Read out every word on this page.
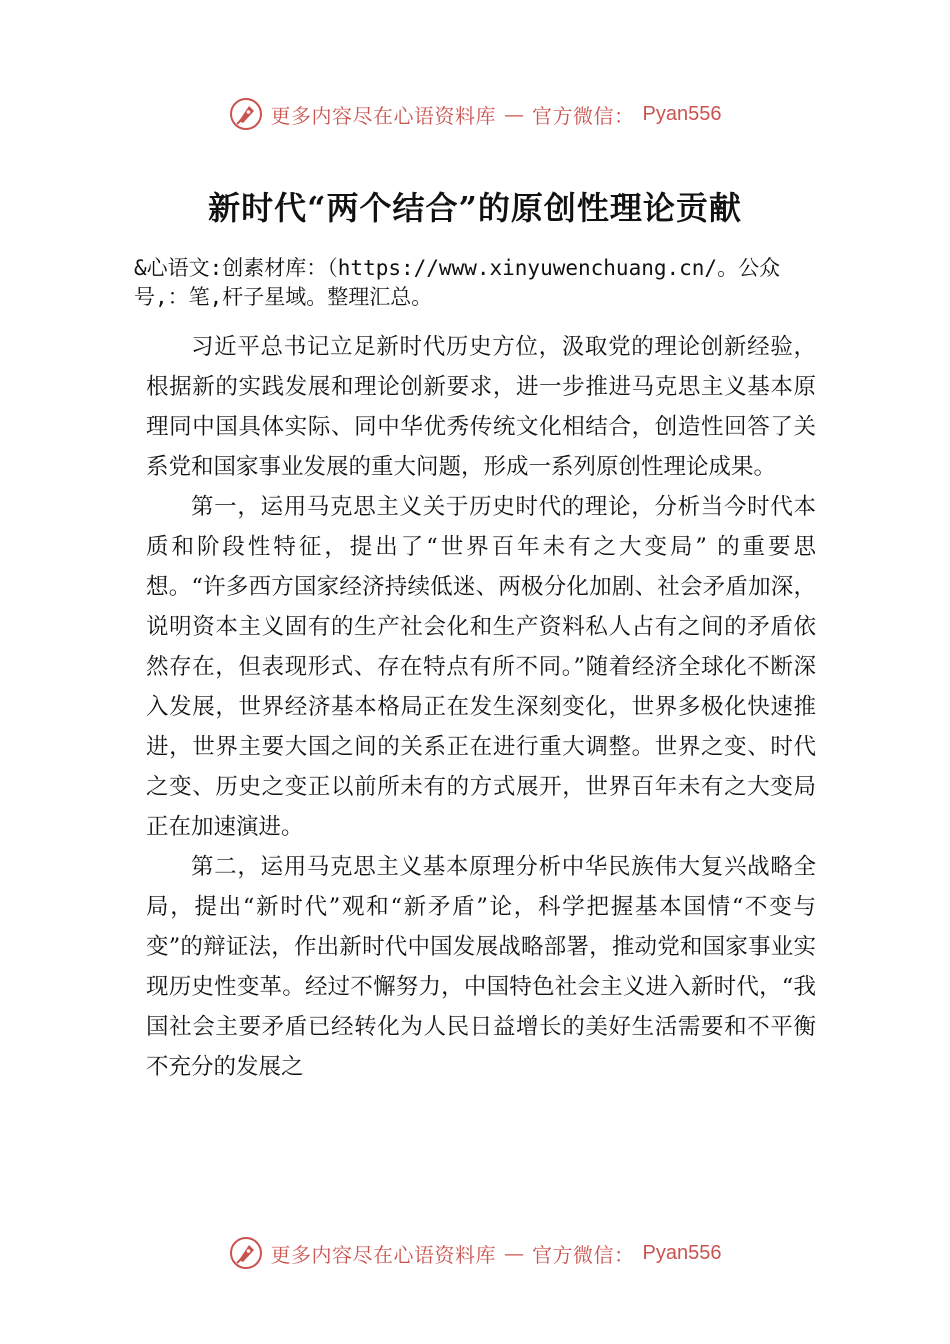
更多内容尽在心语资料库 — 官方微信： Pyan556
新时代“两个结合”的原创性理论贡献
&心语文:创素材库：（https://www.xinyuwenchuang.cn/。公众号,：笔,杆子星域。整理汇总。

习近平总书记立足新时代历史方位，汲取党的理论创新经验，根据新的实践发展和理论创新要求，进一步推进马克思主义基本原理同中国具体实际、同中华优秀传统文化相结合，创造性回答了关系党和国家事业发展的重大问题，形成一系列原创性理论成果。

第一，运用马克思主义关于历史时代的理论，分析当今时代本质和阶段性特征，提出了“世界百年未有之大变局” 的重要思想。“许多西方国家经济持续低迷、两极分化加剧、社会矛盾加深，说明资本主义固有的生产社会化和生产资料私人占有之间的矛盾依然存在，但表现形式、存在特点有所不同。”随着经济全球化不断深入发展，世界经济基本格局正在发生深刻变化，世界多极化快速推进，世界主要大国之间的关系正在进行重大调整。世界之变、时代之变、历史之变正以前所未有的方式展开，世界百年未有之大变局正在加速演进。

第二，运用马克思主义基本原理分析中华民族伟大复兴战略全局，提出“新时代”观和“新矛盾”论，科学把握基本国情“不变与变”的辩证法，作出新时代中国发展战略部署，推动党和国家事业实现历史性变革。经过不懈努力，中国特色社会主义进入新时代，“我国社会主要矛盾已经转化为人民日益增长的美好生活需要和不平衡不充分的发展之

更多内容尽在心语资料库 — 官方微信： Pyan556
